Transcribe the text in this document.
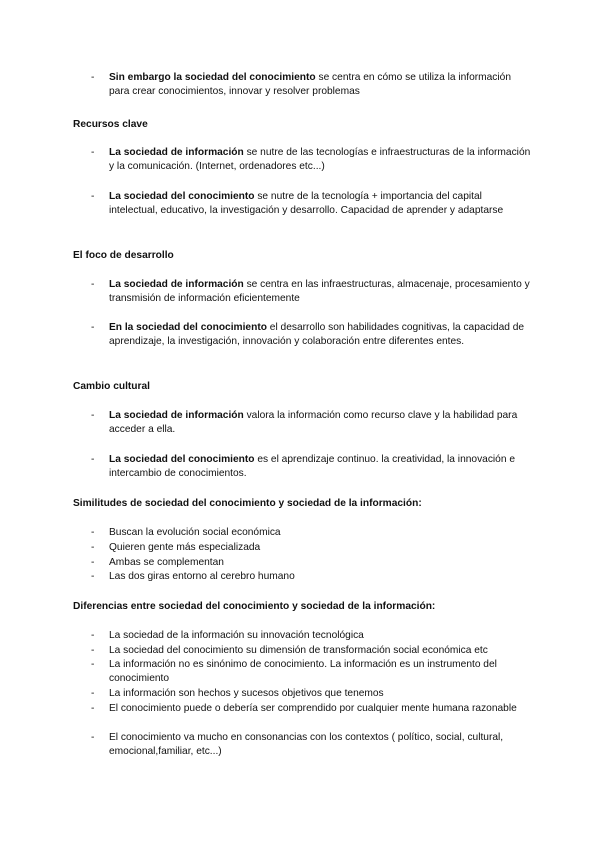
- Sin embargo la sociedad del conocimiento se centra en cómo se utiliza la información para crear conocimientos, innovar y resolver problemas
Recursos clave
- La sociedad de información se nutre de las tecnologías e infraestructuras de la información y la comunicación. (Internet, ordenadores etc...)
- La sociedad del conocimiento se nutre de la tecnología + importancia del capital intelectual, educativo, la investigación y desarrollo. Capacidad de aprender y adaptarse
El foco de desarrollo
- La sociedad de información se centra en las infraestructuras, almacenaje, procesamiento y transmisión de información eficientemente
- En la sociedad del conocimiento el desarrollo son habilidades cognitivas, la capacidad de aprendizaje, la investigación, innovación y colaboración entre diferentes entes.
Cambio cultural
- La sociedad de información valora la información como recurso clave y la habilidad para acceder a ella.
- La sociedad del conocimiento es el aprendizaje continuo. la creatividad, la innovación e intercambio de conocimientos.
Similitudes de sociedad del conocimiento y sociedad de la información:
- Buscan la evolución social económica
- Quieren gente más especializada
- Ambas se complementan
- Las dos giras entorno al cerebro humano
Diferencias entre sociedad del conocimiento y sociedad de la información:
- La sociedad de la información su innovación tecnológica
- La sociedad del conocimiento su dimensión de transformación social económica etc
- La información no es sinónimo de conocimiento. La información es un instrumento del conocimiento
- La información son hechos y sucesos objetivos que tenemos
- El conocimiento puede o debería ser comprendido por cualquier mente humana razonable
- El conocimiento va mucho en consonancias con los contextos ( político, social, cultural, emocional,familiar, etc...)
